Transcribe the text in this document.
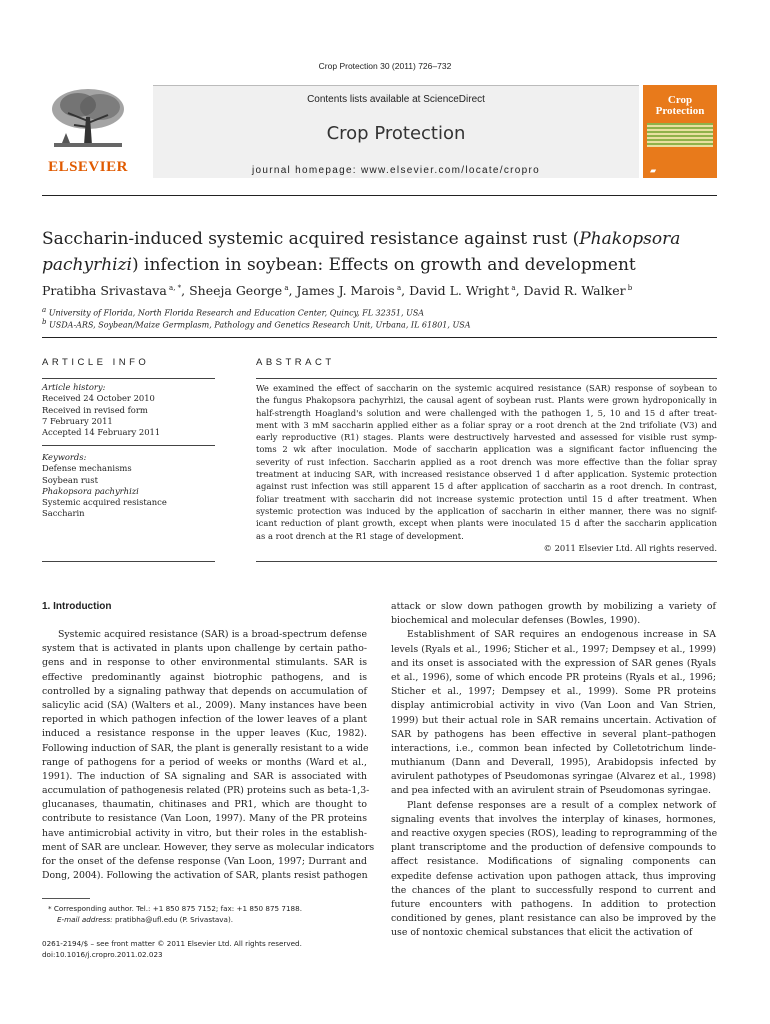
Crop Protection 30 (2011) 726–732
ELSEVIER
Contents lists available at ScienceDirect
Crop Protection
journal homepage: www.elsevier.com/locate/cropro
Crop
Protection
▰
Saccharin-induced systemic acquired resistance against rust (Phakopsora
pachyrhizi) infection in soybean: Effects on growth and development
Pratibha Srivastava $^{a, *}$, Sheeja George $^a$, James J. Marois $^a$, David L. Wright $^a$, David R. Walker $^b$
$^a$ University of Florida, North Florida Research and Education Center, Quincy, FL 32351, USA
$^b$ USDA-ARS, Soybean/Maize Germplasm, Pathology and Genetics Research Unit, Urbana, IL 61801, USA
ARTICLE INFO
Article history:
Received 24 October 2010
Received in revised form
7 February 2011
Accepted 14 February 2011
Keywords:
Defense mechanisms
Soybean rust
Phakopsora pachyrhizi
Systemic acquired resistance
Saccharin
ABSTRACT
We examined the effect of saccharin on the systemic acquired resistance (SAR) response of soybean to
the fungus Phakopsora pachyrhizi, the causal agent of soybean rust. Plants were grown hydroponically in
half-strength Hoagland's solution and were challenged with the pathogen 1, 5, 10 and 15 d after treat-
ment with 3 mM saccharin applied either as a foliar spray or a root drench at the 2nd trifoliate (V3) and
early reproductive (R1) stages. Plants were destructively harvested and assessed for visible rust symp-
toms 2 wk after inoculation. Mode of saccharin application was a significant factor influencing the
severity of rust infection. Saccharin applied as a root drench was more effective than the foliar spray
treatment at inducing SAR, with increased resistance observed 1 d after application. Systemic protection
against rust infection was still apparent 15 d after application of saccharin as a root drench. In contrast,
foliar treatment with saccharin did not increase systemic protection until 15 d after treatment. When
systemic protection was induced by the application of saccharin in either manner, there was no signif-
icant reduction of plant growth, except when plants were inoculated 15 d after the saccharin application
as a root drench at the R1 stage of development.
© 2011 Elsevier Ltd. All rights reserved.
1. Introduction
Systemic acquired resistance (SAR) is a broad-spectrum defense
system that is activated in plants upon challenge by certain patho-
gens and in response to other environmental stimulants. SAR is
effective predominantly against biotrophic pathogens, and is
controlled by a signaling pathway that depends on accumulation of
salicylic acid (SA) (Walters et al., 2009). Many instances have been
reported in which pathogen infection of the lower leaves of a plant
induced a resistance response in the upper leaves (Kuc, 1982).
Following induction of SAR, the plant is generally resistant to a wide
range of pathogens for a period of weeks or months (Ward et al.,
1991). The induction of SA signaling and SAR is associated with
accumulation of pathogenesis related (PR) proteins such as beta-1,3-
glucanases, thaumatin, chitinases and PR1, which are thought to
contribute to resistance (Van Loon, 1997). Many of the PR proteins
have antimicrobial activity in vitro, but their roles in the establish-
ment of SAR are unclear. However, they serve as molecular indicators
for the onset of the defense response (Van Loon, 1997; Durrant and
Dong, 2004). Following the activation of SAR, plants resist pathogen
attack or slow down pathogen growth by mobilizing a variety of
biochemical and molecular defenses (Bowles, 1990).
Establishment of SAR requires an endogenous increase in SA
levels (Ryals et al., 1996; Sticher et al., 1997; Dempsey et al., 1999)
and its onset is associated with the expression of SAR genes (Ryals
et al., 1996), some of which encode PR proteins (Ryals et al., 1996;
Sticher et al., 1997; Dempsey et al., 1999). Some PR proteins
display antimicrobial activity in vivo (Van Loon and Van Strien,
1999) but their actual role in SAR remains uncertain. Activation of
SAR by pathogens has been effective in several plant–pathogen
interactions, i.e., common bean infected by Colletotrichum linde-
muthianum (Dann and Deverall, 1995), Arabidopsis infected by
avirulent pathotypes of Pseudomonas syringae (Alvarez et al., 1998)
and pea infected with an avirulent strain of Pseudomonas syringae.
Plant defense responses are a result of a complex network of
signaling events that involves the interplay of kinases, hormones,
and reactive oxygen species (ROS), leading to reprogramming of the
plant transcriptome and the production of defensive compounds to
affect resistance. Modifications of signaling components can
expedite defense activation upon pathogen attack, thus improving
the chances of the plant to successfully respond to current and
future encounters with pathogens. In addition to protection
conditioned by genes, plant resistance can also be improved by the
use of nontoxic chemical substances that elicit the activation of
* Corresponding author. Tel.: +1 850 875 7152; fax: +1 850 875 7188.
E-mail address: pratibha@ufl.edu (P. Srivastava).
0261-2194/$ – see front matter © 2011 Elsevier Ltd. All rights reserved.
doi:10.1016/j.cropro.2011.02.023
